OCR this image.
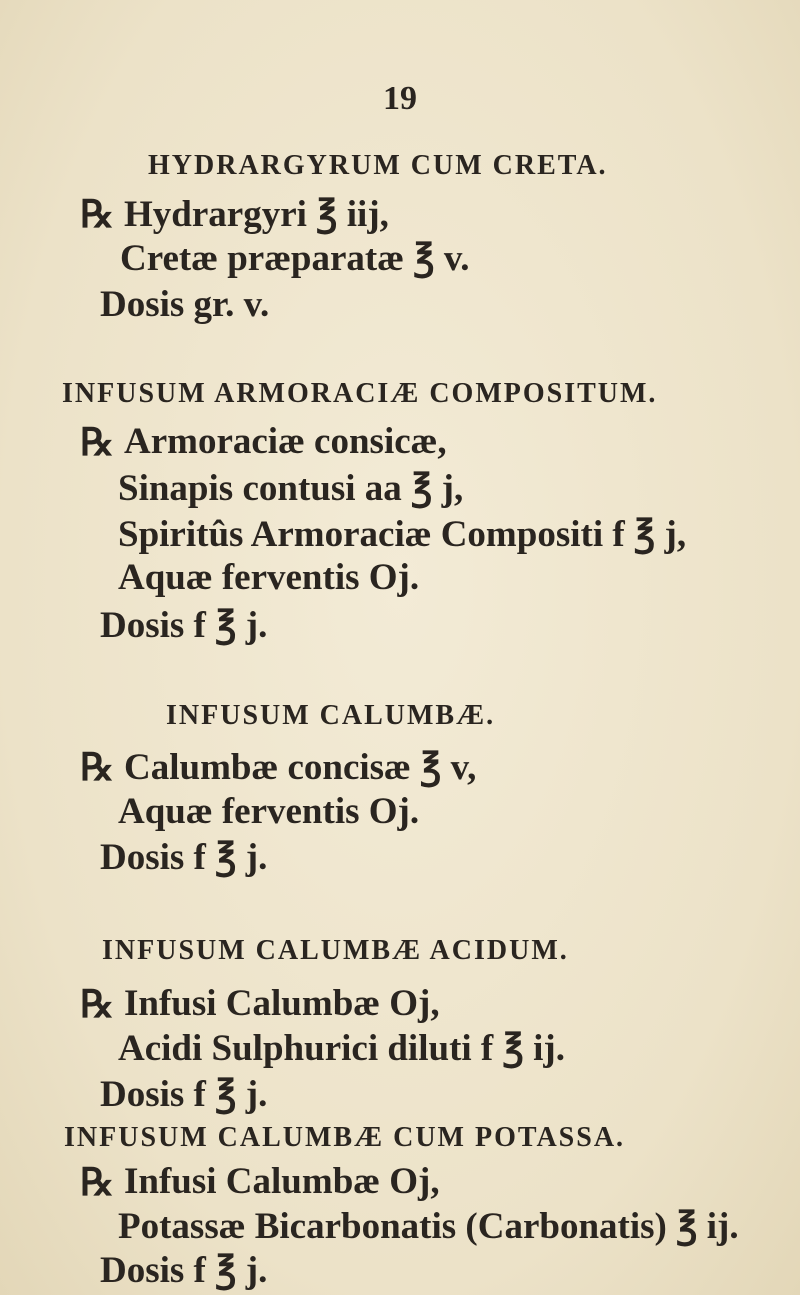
19
HYDRARGYRUM CUM CRETA.
℞ Hydrargyri ℥ iij,
Cretæ præparatæ ℥ v.
Dosis gr. v.
INFUSUM ARMORACIÆ COMPOSITUM.
℞ Armoraciæ consicæ,
Sinapis contusi aa ℥ j,
Spiritûs Armoraciæ Compositi f ℥ j,
Aquæ ferventis Oj.
Dosis f ℥ j.
INFUSUM CALUMBÆ.
℞ Calumbæ concisæ ℥ v,
Aquæ ferventis Oj.
Dosis f ℥ j.
INFUSUM CALUMBÆ ACIDUM.
℞ Infusi Calumbæ Oj,
Acidi Sulphurici diluti f ℥ ij.
Dosis f ℥ j.
INFUSUM CALUMBÆ CUM POTASSA.
℞ Infusi Calumbæ Oj,
Potassæ Bicarbonatis (Carbonatis) ℥ ij.
Dosis f ℥ j.
